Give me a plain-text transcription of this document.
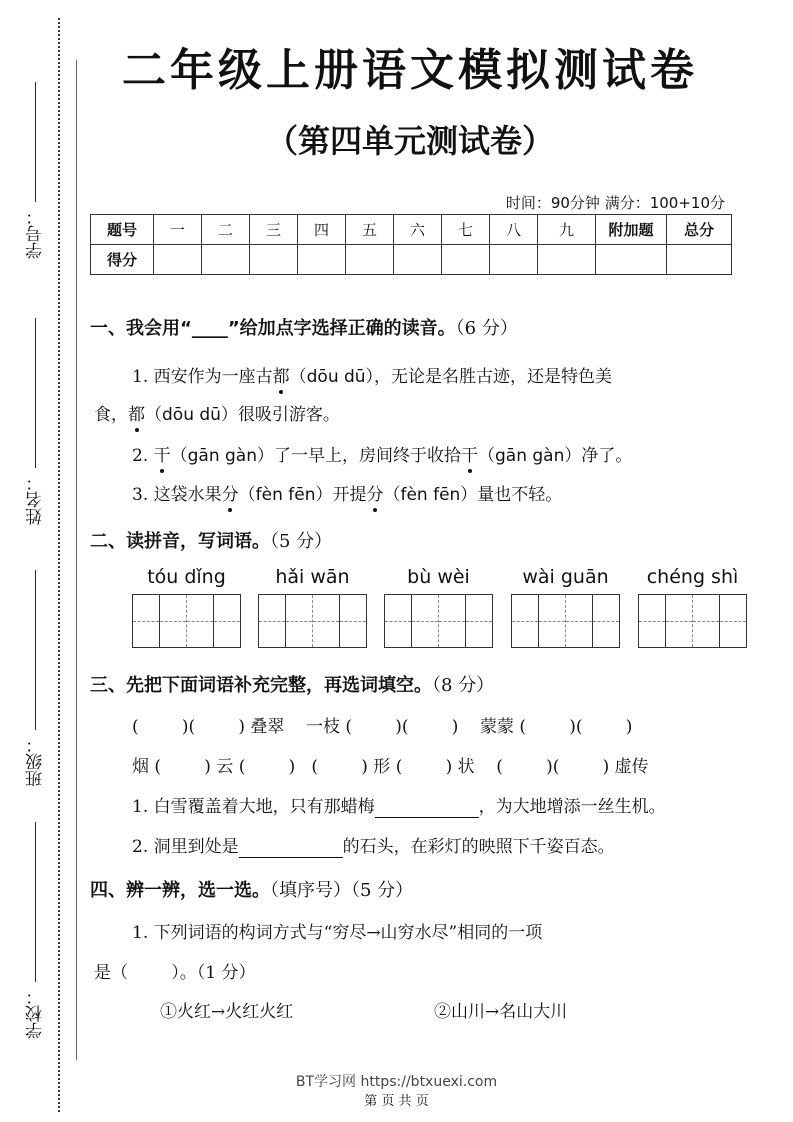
学号：
姓名：
班级：
学校：
二年级上册语文模拟测试卷
（第四单元测试卷）
时间：90分钟 满分：100+10分
题号	一	二	三	四	五	六	七	八	九	附加题	总分
得分											
一、我会用“____”给加点字选择正确的读音。（6 分）
1. 西安作为一座古都（dōu dū），无论是名胜古迹，还是特色美
食，都（dōu dū）很吸引游客。
2. 干（gān gàn）了一早上，房间终于收拾干（gān gàn）净了。
3. 这袋水果分（fèn fēn）开提分（fèn fēn）量也不轻。
二、读拼音，写词语。（5 分）
tóu dǐng	hǎi wān	bù wèi	wài guān	chéng shì
三、先把下面词语补充完整，再选词填空。（8 分）
(        )(        ) 叠翠    一枝 (        )(        )    蒙蒙 (        )(        )
烟 (        ) 云 (        )   (        ) 形 (        ) 状    (        )(        ) 虚传
1. 白雪覆盖着大地，只有那蜡梅	，为大地增添一丝生机。
2. 洞里到处是	的石头，在彩灯的映照下千姿百态。
四、辨一辨，选一选。（填序号）（5 分）
1. 下列词语的构词方式与“穷尽→山穷水尽”相同的一项
是（        ）。（1 分）
①火红→火红火红	②山川→名山大川
BT学习网 https://btxuexi.com
第 页 共 页
